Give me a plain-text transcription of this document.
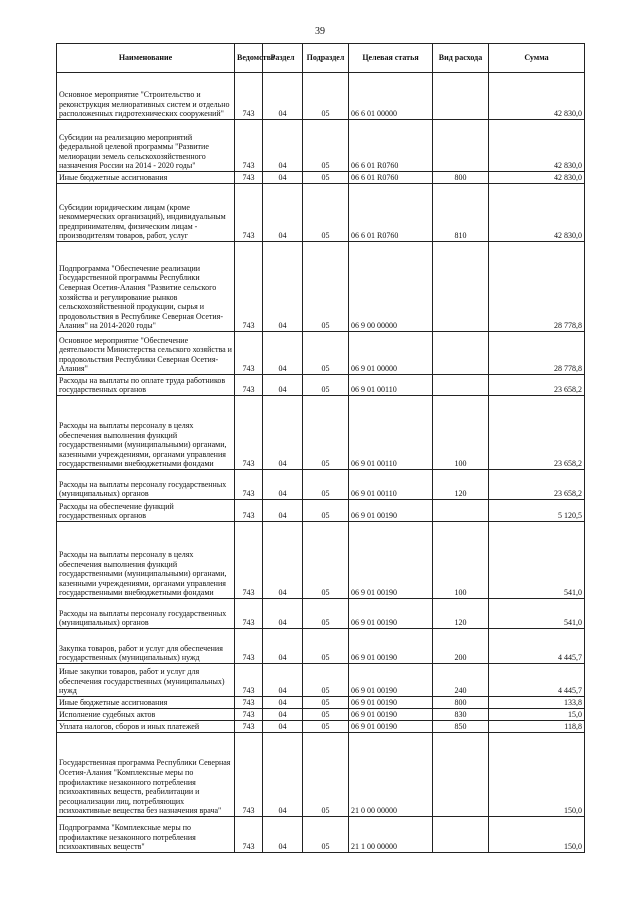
39
Наименование	Ведомство	Раздел	Подраздел	Целевая статья	Вид расхода	Сумма
Основное мероприятие "Строительство и реконструкция мелиоративных систем и отдельно расположенных гидротехнических сооружений"	743	04	05	06 6 01 00000		42 830,0
Субсидии на реализацию мероприятий федеральной целевой программы "Развитие мелиорации земель сельскохозяйственного назначения России на 2014 - 2020 годы"	743	04	05	06 6 01 R0760		42 830,0
Иные бюджетные ассигнования	743	04	05	06 6 01 R0760	800	42 830,0
Субсидии юридическим лицам (кроме некоммерческих организаций), индивидуальным предпринимателям, физическим лицам - производителям товаров, работ, услуг	743	04	05	06 6 01 R0760	810	42 830,0
Подпрограмма "Обеспечение реализации Государственной программы Республики Северная Осетия-Алания "Развитие сельского хозяйства и регулирование рынков сельскохозяйственной продукции, сырья и продовольствия в Республике Северная Осетия-Алания" на 2014-2020 годы"	743	04	05	06 9 00 00000		28 778,8
Основное мероприятие "Обеспечение деятельности Министерства сельского хозяйства и продовольствия Республики Северная Осетия-Алания"	743	04	05	06 9 01 00000		28 778,8
Расходы на выплаты по оплате труда работников государственных органов	743	04	05	06 9 01 00110		23 658,2
Расходы на выплаты персоналу в целях обеспечения выполнения функций государственными (муниципальными) органами, казенными учреждениями, органами управления государственными внебюджетными фондами	743	04	05	06 9 01 00110	100	23 658,2
Расходы на выплаты персоналу государственных (муниципальных) органов	743	04	05	06 9 01 00110	120	23 658,2
Расходы на обеспечение функций государственных органов	743	04	05	06 9 01 00190		5 120,5
Расходы на выплаты персоналу в целях обеспечения выполнения функций государственными (муниципальными) органами, казенными учреждениями, органами управления государственными внебюджетными фондами	743	04	05	06 9 01 00190	100	541,0
Расходы на выплаты персоналу государственных (муниципальных) органов	743	04	05	06 9 01 00190	120	541,0
Закупка товаров, работ и услуг для обеспечения государственных (муниципальных) нужд	743	04	05	06 9 01 00190	200	4 445,7
Иные закупки товаров, работ и услуг для обеспечения государственных (муниципальных) нужд	743	04	05	06 9 01 00190	240	4 445,7
Иные бюджетные ассигнования	743	04	05	06 9 01 00190	800	133,8
Исполнение судебных актов	743	04	05	06 9 01 00190	830	15,0
Уплата налогов, сборов и иных платежей	743	04	05	06 9 01 00190	850	118,8
Государственная программа Республики Северная Осетия-Алания "Комплексные меры по профилактике незаконного потребления психоактивных веществ, реабилитации и ресоциализации лиц, потребляющих психоактивные вещества без назначения врача"	743	04	05	21 0 00 00000		150,0
Подпрограмма "Комплексные меры по профилактике незаконного потребления психоактивных веществ"	743	04	05	21 1 00 00000		150,0
